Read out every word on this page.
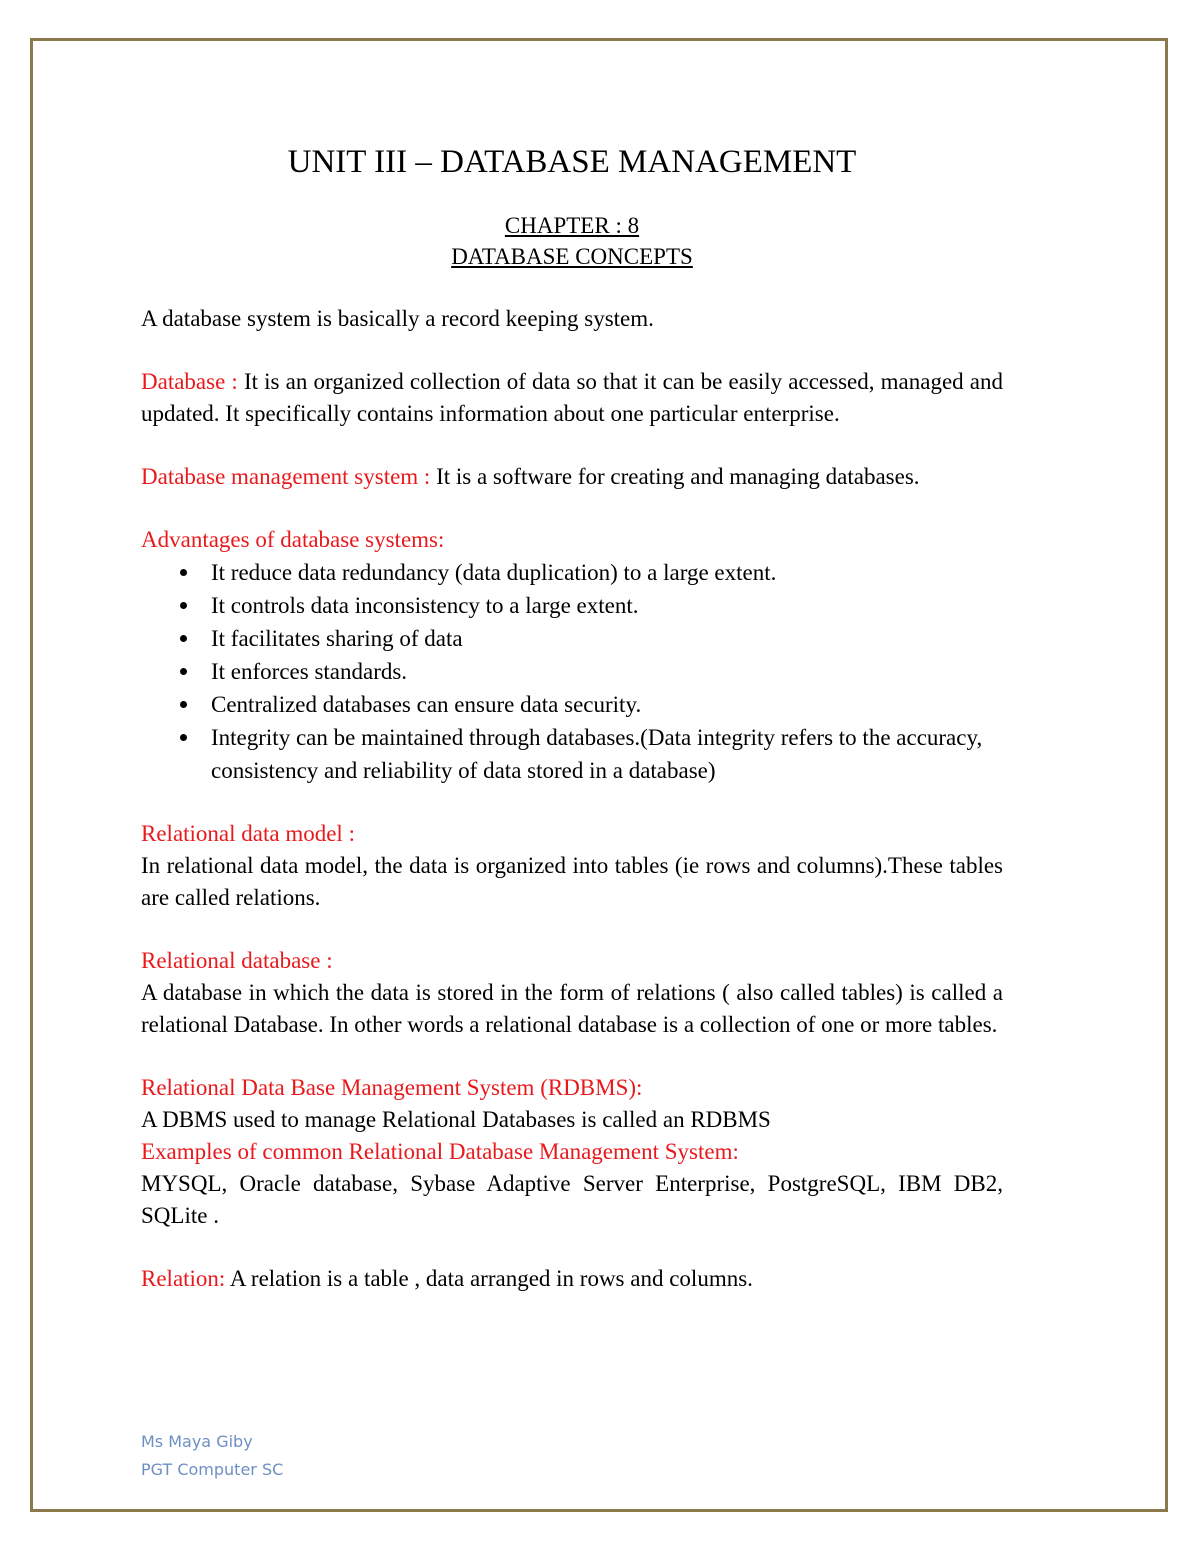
UNIT III – DATABASE MANAGEMENT
CHAPTER : 8
DATABASE CONCEPTS

A database system is basically a record keeping system.

Database : It is an organized collection of data so that it can be easily accessed, managed and updated. It specifically contains information about one particular enterprise.

Database management system : It is a software for creating and managing databases.

Advantages of database systems:
It reduce data redundancy (data duplication) to a large extent.
It controls data inconsistency to a large extent.
It facilitates sharing of data
It enforces standards.
Centralized databases can ensure data security.
Integrity can be maintained through databases.(Data integrity refers to the accuracy, consistency and reliability of data stored in a database)
Relational data model :

In relational data model, the data is organized into tables (ie rows and columns).These tables are called relations.

Relational database :

A database in which the data is stored in the form of relations ( also called tables) is called a relational Database. In other words a relational database is a collection of one or more tables.

Relational Data Base Management System (RDBMS):

A DBMS used to manage Relational Databases is called an RDBMS

Examples of common Relational Database Management System:

MYSQL, Oracle database, Sybase Adaptive Server Enterprise, PostgreSQL, IBM DB2, SQLite .

Relation: A relation is a table , data arranged in rows and columns.

Ms Maya Giby
PGT Computer SC
